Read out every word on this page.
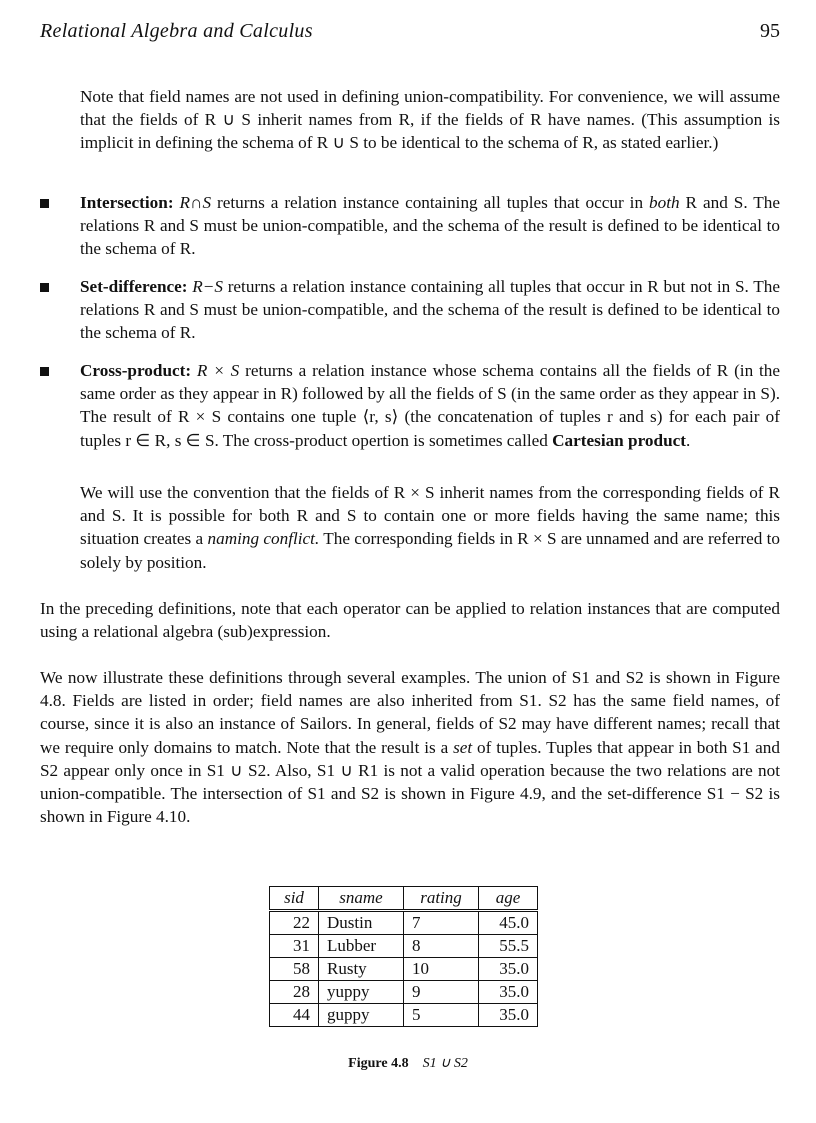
Relational Algebra and Calculus	95

Note that field names are not used in defining union-compatibility. For convenience, we will assume that the fields of R ∪ S inherit names from R, if the fields of R have names. (This assumption is implicit in defining the schema of R ∪ S to be identical to the schema of R, as stated earlier.)

Intersection: R∩S returns a relation instance containing all tuples that occur in both R and S. The relations R and S must be union-compatible, and the schema of the result is defined to be identical to the schema of R.

Set-difference: R−S returns a relation instance containing all tuples that occur in R but not in S. The relations R and S must be union-compatible, and the schema of the result is defined to be identical to the schema of R.

Cross-product: R × S returns a relation instance whose schema contains all the fields of R (in the same order as they appear in R) followed by all the fields of S (in the same order as they appear in S). The result of R × S contains one tuple ⟨r, s⟩ (the concatenation of tuples r and s) for each pair of tuples r ∈ R, s ∈ S. The cross-product opertion is sometimes called Cartesian product.

We will use the convention that the fields of R × S inherit names from the corresponding fields of R and S. It is possible for both R and S to contain one or more fields having the same name; this situation creates a naming conflict. The corresponding fields in R × S are unnamed and are referred to solely by position.

In the preceding definitions, note that each operator can be applied to relation instances that are computed using a relational algebra (sub)expression.

We now illustrate these definitions through several examples. The union of S1 and S2 is shown in Figure 4.8. Fields are listed in order; field names are also inherited from S1. S2 has the same field names, of course, since it is also an instance of Sailors. In general, fields of S2 may have different names; recall that we require only domains to match. Note that the result is a set of tuples. Tuples that appear in both S1 and S2 appear only once in S1 ∪ S2. Also, S1 ∪ R1 is not a valid operation because the two relations are not union-compatible. The intersection of S1 and S2 is shown in Figure 4.9, and the set-difference S1 − S2 is shown in Figure 4.10.

sid	sname	rating	age
22	Dustin	7	45.0
31	Lubber	8	55.5
58	Rusty	10	35.0
28	yuppy	9	35.0
44	guppy	5	35.0
Figure 4.8 S1 ∪ S2
